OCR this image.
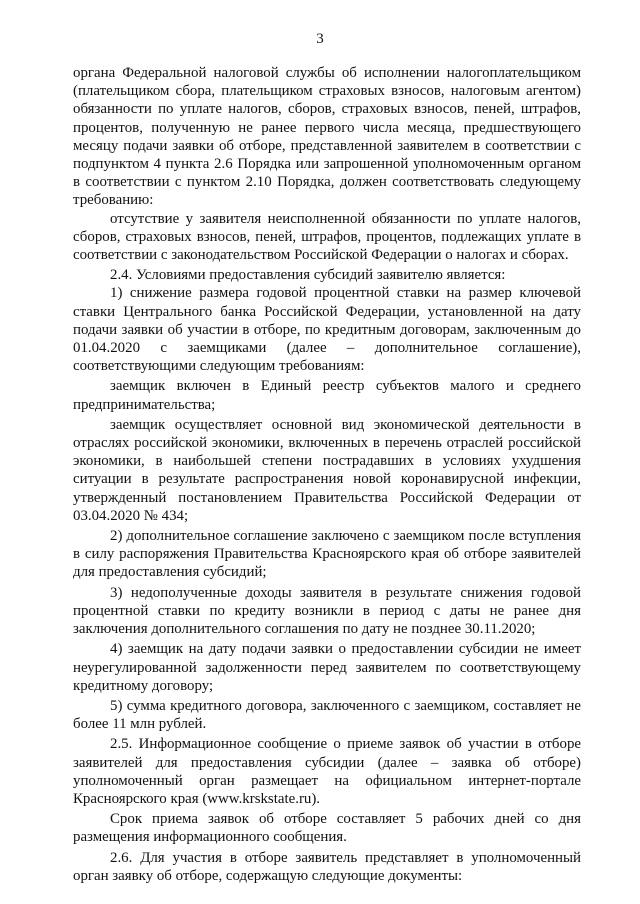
3

органа Федеральной налоговой службы об исполнении налогоплательщиком (плательщиком сбора, плательщиком страховых взносов, налоговым агентом) обязанности по уплате налогов, сборов, страховых взносов, пеней, штрафов, процентов, полученную не ранее первого числа месяца, предшествующего месяцу подачи заявки об отборе, представленной заявителем в соответствии с подпунктом 4 пункта 2.6 Порядка или запрошенной уполномоченным органом в соответствии с пунктом 2.10 Порядка, должен соответствовать следующему требованию:

отсутствие у заявителя неисполненной обязанности по уплате налогов, сборов, страховых взносов, пеней, штрафов, процентов, подлежащих уплате в соответствии с законодательством Российской Федерации о налогах и сборах.

2.4. Условиями предоставления субсидий заявителю является:

1) снижение размера годовой процентной ставки на размер ключевой ставки Центрального банка Российской Федерации, установленной на дату подачи заявки об участии в отборе, по кредитным договорам, заключенным до 01.04.2020 с заемщиками (далее – дополнительное соглашение), соответствующими следующим требованиям:

заемщик включен в Единый реестр субъектов малого и среднего предпринимательства;

заемщик осуществляет основной вид экономической деятельности в отраслях российской экономики, включенных в перечень отраслей российской экономики, в наибольшей степени пострадавших в условиях ухудшения ситуации в результате распространения новой коронавирусной инфекции, утвержденный постановлением Правительства Российской Федерации от 03.04.2020 № 434;

2) дополнительное соглашение заключено с заемщиком после вступления в силу распоряжения Правительства Красноярского края об отборе заявителей для предоставления субсидий;

3) недополученные доходы заявителя в результате снижения годовой процентной ставки по кредиту возникли в период с даты не ранее дня заключения дополнительного соглашения по дату не позднее 30.11.2020;

4) заемщик на дату подачи заявки о предоставлении субсидии не имеет неурегулированной задолженности перед заявителем по соответствующему кредитному договору;

5) сумма кредитного договора, заключенного с заемщиком, составляет не более 11 млн рублей.

2.5. Информационное сообщение о приеме заявок об участии в отборе заявителей для предоставления субсидии (далее – заявка об отборе) уполномоченный орган размещает на официальном интернет-портале Красноярского края (www.krskstate.ru).

Срок приема заявок об отборе составляет 5 рабочих дней со дня размещения информационного сообщения.

2.6. Для участия в отборе заявитель представляет в уполномоченный орган заявку об отборе, содержащую следующие документы:
